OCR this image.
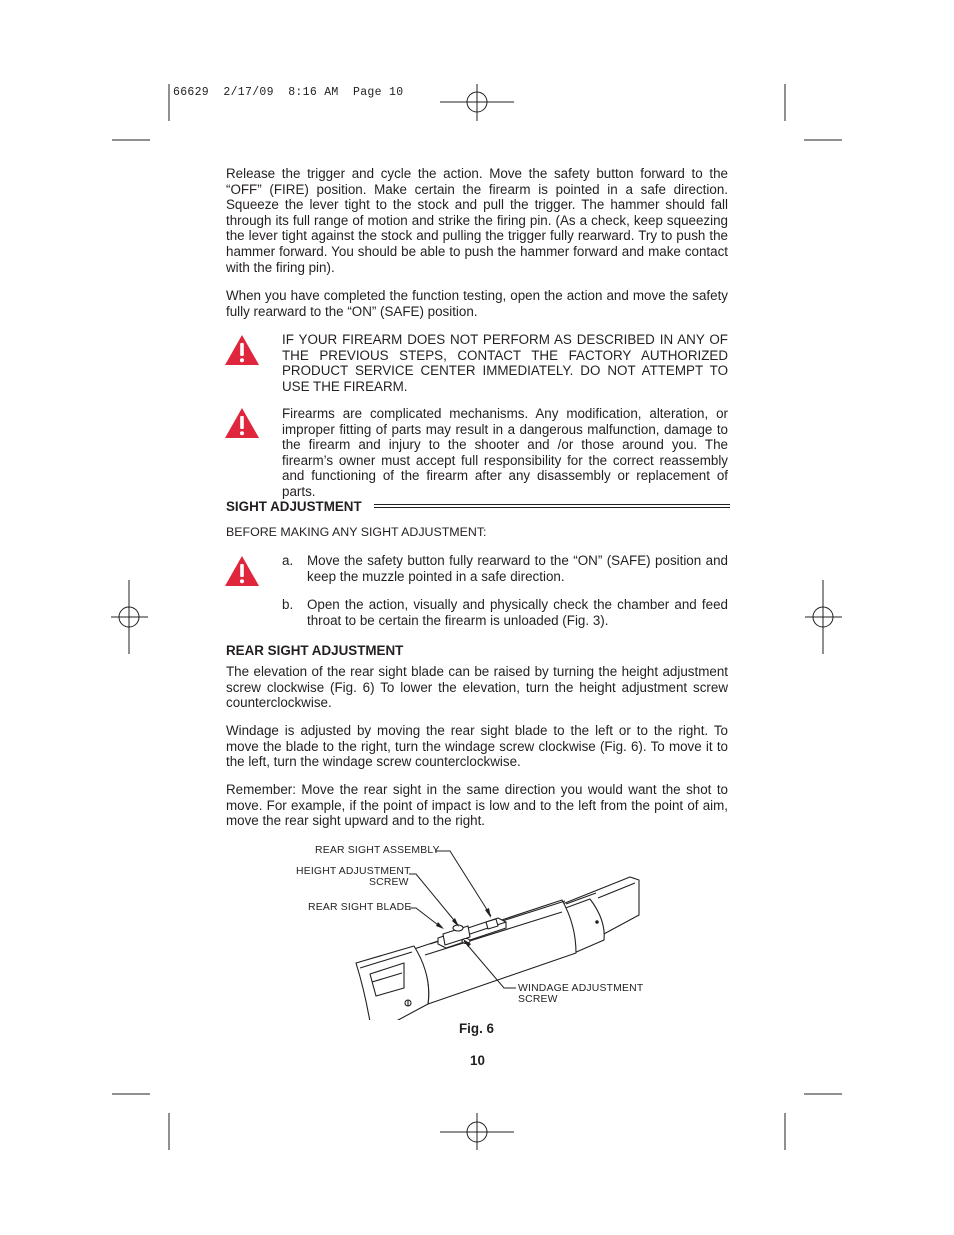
66629  2/17/09  8:16 AM  Page 10

Release the trigger and cycle the action. Move the safety button forward to the “OFF” (FIRE) position. Make certain the firearm is pointed in a safe direction. Squeeze the lever tight to the stock and pull the trigger. The hammer should fall through its full range of motion and strike the firing pin. (As a check, keep squeezing the lever tight against the stock and pulling the trigger fully rearward. Try to push the hammer forward. You should be able to push the hammer forward and make contact with the firing pin).

When you have completed the function testing, open the action and move the safety fully rearward to the “ON” (SAFE) position.

IF YOUR FIREARM DOES NOT PERFORM AS DESCRIBED IN ANY OF THE PREVIOUS STEPS, CONTACT THE FACTORY AUTHORIZED PRODUCT SERVICE CENTER IMMEDIATELY. DO NOT ATTEMPT TO USE THE FIREARM.

Firearms are complicated mechanisms. Any modification, alteration, or improper fitting of parts may result in a dangerous malfunction, damage to the firearm and injury to the shooter and /or those around you. The firearm’s owner must accept full responsibility for the correct reassembly and functioning of the firearm after any disassembly or replacement of parts.

SIGHT ADJUSTMENT
BEFORE MAKING ANY SIGHT ADJUSTMENT:
a. Move the safety button fully rearward to the “ON” (SAFE) position and keep the muzzle pointed in a safe direction.
b. Open the action, visually and physically check the chamber and feed throat to be certain the firearm is unloaded (Fig. 3).
REAR SIGHT ADJUSTMENT

The elevation of the rear sight blade can be raised by turning the height adjustment screw clockwise (Fig. 6) To lower the elevation, turn the height adjustment screw counterclockwise.

Windage is adjusted by moving the rear sight blade to the left or to the right. To move the blade to the right, turn the windage screw clockwise (Fig. 6). To move it to the left, turn the windage screw counterclockwise.

Remember: Move the rear sight in the same direction you would want the shot to move. For example, if the point of impact is low and to the left from the point of aim, move the rear sight upward and to the right.

REAR SIGHT ASSEMBLY
HEIGHT ADJUSTMENT
SCREW
REAR SIGHT BLADE
WINDAGE ADJUSTMENT
SCREW
Fig. 6
10
